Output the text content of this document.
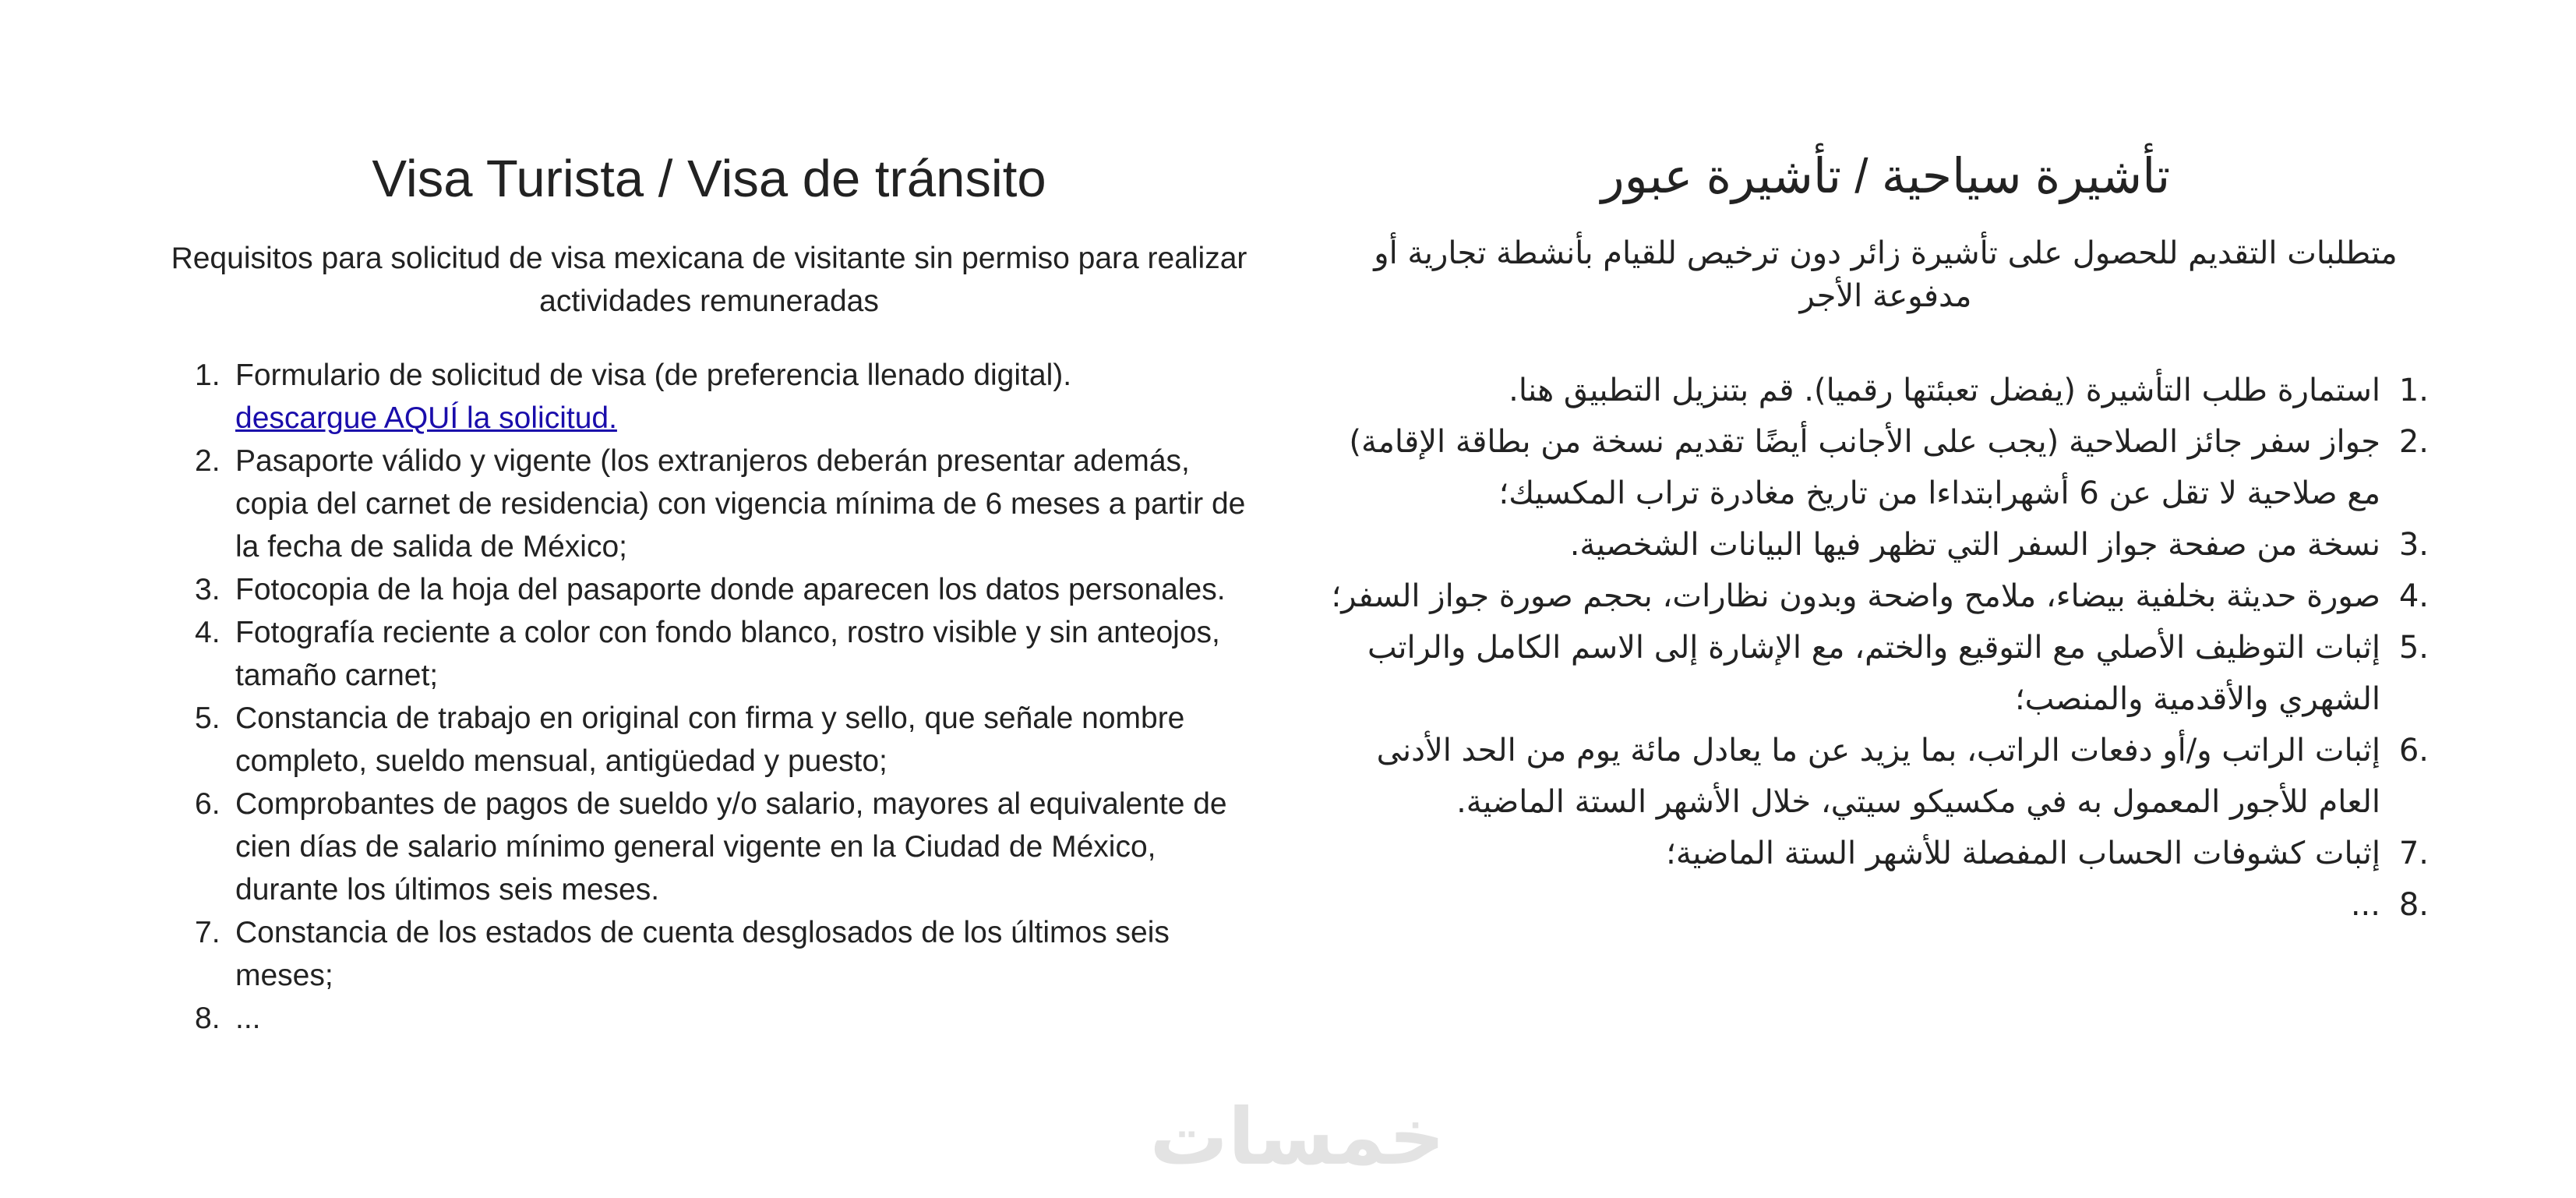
Visa Turista / Visa de tránsito

Requisitos para solicitud de visa mexicana de visitante sin permiso para realizar actividades remuneradas

1. Formulario de solicitud de visa (de preferencia llenado digital).
descargue AQUÍ la solicitud.
2. Pasaporte válido y vigente (los extranjeros deberán presentar además, copia del carnet de residencia) con vigencia mínima de 6 meses a partir de la fecha de salida de México;
3. Fotocopia de la hoja del pasaporte donde aparecen los datos personales.
4. Fotografía reciente a color con fondo blanco, rostro visible y sin anteojos, tamaño carnet;
5. Constancia de trabajo en original con firma y sello, que señale nombre completo, sueldo mensual, antigüedad y puesto;
6. Comprobantes de pagos de sueldo y/o salario, mayores al equivalente de cien días de salario mínimo general vigente en la Ciudad de México, durante los últimos seis meses.
7. Constancia de los estados de cuenta desglosados de los últimos seis meses;
8. ...
تأشيرة سياحية / تأشيرة عبور

متطلبات التقديم للحصول على تأشيرة زائر دون ترخيص للقيام بأنشطة تجارية أو مدفوعة الأجر

1.
استمارة طلب التأشيرة (يفضل تعبئتها رقميا). قم بتنزيل التطبيق هنا.
2.
جواز سفر جائز الصلاحية (يجب على الأجانب أيضًا تقديم نسخة من بطاقة الإقامة) مع صلاحية لا تقل عن 6 أشهرابتداءا من تاريخ مغادرة تراب المكسيك؛
3.
نسخة من صفحة جواز السفر التي تظهر فيها البيانات الشخصية.
4.
صورة حديثة بخلفية بيضاء، ملامح واضحة وبدون نظارات، بحجم صورة جواز السفر؛
5.
إثبات التوظيف الأصلي مع التوقيع والختم، مع الإشارة إلى الاسم الكامل والراتب الشهري والأقدمية والمنصب؛
6.
إثبات الراتب و/أو دفعات الراتب، بما يزيد عن ما يعادل مائة يوم من الحد الأدنى العام للأجور المعمول به في مكسيكو سيتي، خلال الأشهر الستة الماضية.
7.
إثبات كشوفات الحساب المفصلة للأشهر الستة الماضية؛
8.
...
خمسات
